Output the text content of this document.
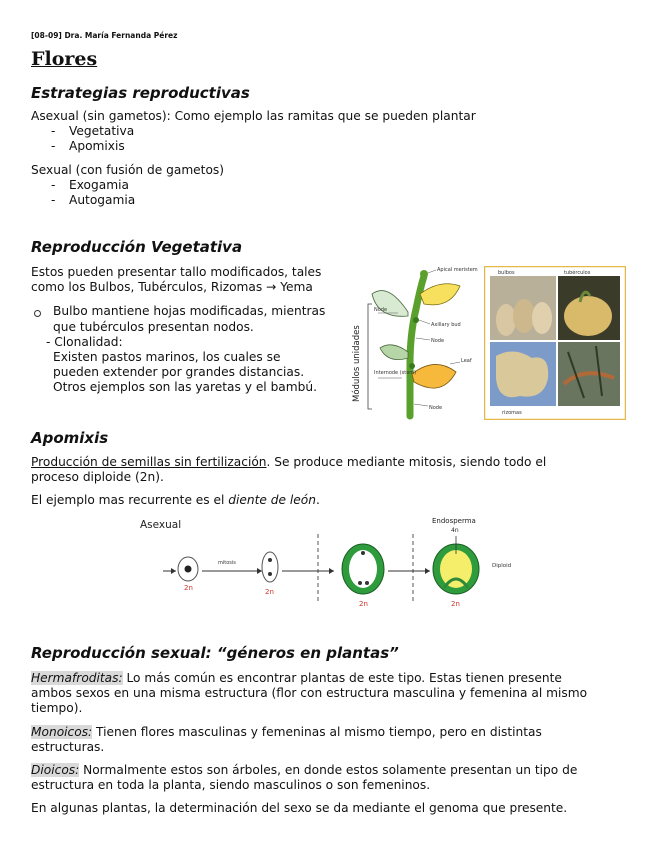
[08-09] Dra. María Fernanda Pérez
Flores
Estrategias reproductivas
Asexual (sin gametos): Como ejemplo las ramitas que se pueden plantar
- Vegetativa
- Apomixis
Sexual (con fusión de gametos)
- Exogamia
- Autogamia
Reproducción Vegetativa
Estos pueden presentar tallo modificados, tales
como los Bulbos, Tubérculos, Rizomas → Yema
Bulbo mantiene hojas modificadas, mientras
que tubérculos presentan nodos.
- Clonalidad:
Existen pastos marinos, los cuales se
pueden extender por grandes distancias.
Otros ejemplos son las yaretas y el bambú.	Módulos unidades
Apical meristem
Node
Axillary bud
Node
Internode (stem)
Leaf
Node
bulbos	tubérculos
rizomas
Apomixis
Producción de semillas sin fertilización. Se produce mediante mitosis, siendo todo el
proceso diploide (2n).
El ejemplo mas recurrente es el diente de león.
Asexual
mitosis
Endosperma
4n
Diploid
2n	2n
2n	2n
Reproducción sexual: “géneros en plantas”
Hermafroditas: Lo más común es encontrar plantas de este tipo. Estas tienen presente
ambos sexos en una misma estructura (flor con estructura masculina y femenina al mismo
tiempo).
Monoicos: Tienen flores masculinas y femeninas al mismo tiempo, pero en distintas
estructuras.
Dioicos: Normalmente estos son árboles, en donde estos solamente presentan un tipo de
estructura en toda la planta, siendo masculinos o son femeninos.
En algunas plantas, la determinación del sexo se da mediante el genoma que presente.
